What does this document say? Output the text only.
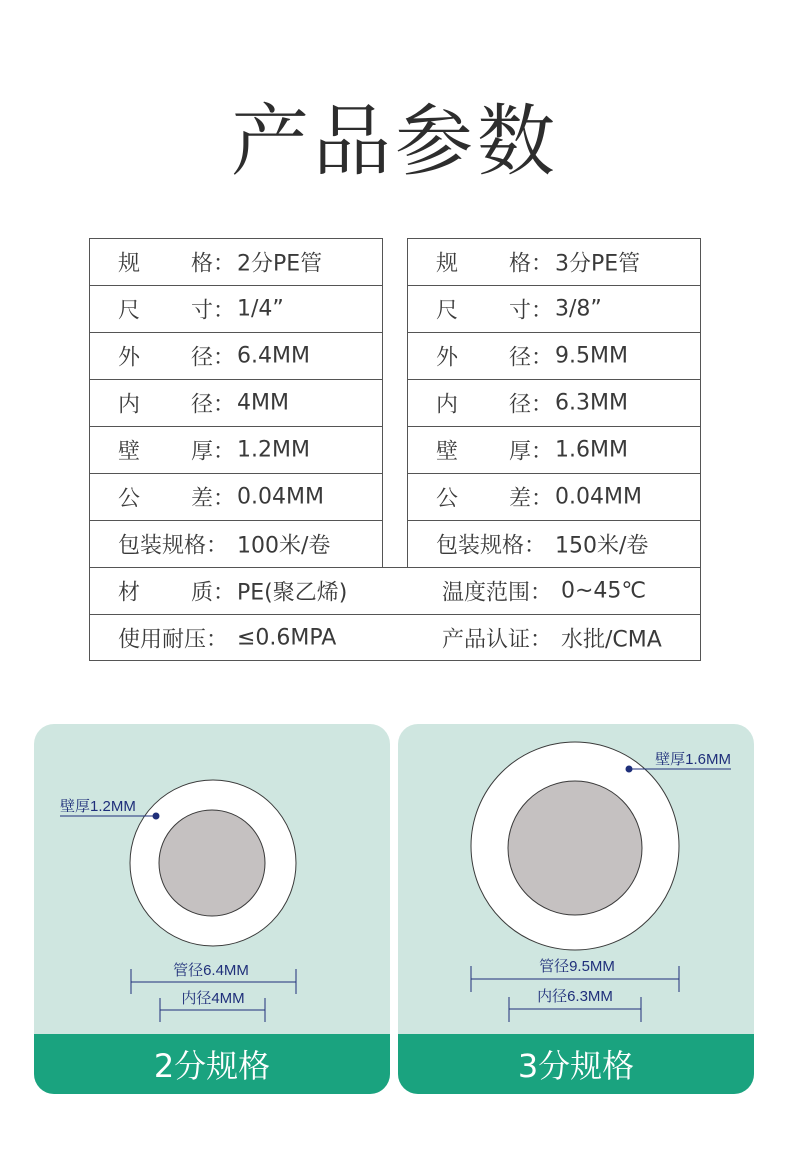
产品参数
规 格： 2分PE管
尺 寸： 1/4”
外 径： 6.4MM
内 径： 4MM
壁 厚： 1.2MM
公 差： 0.04MM
包装规格： 100米/卷
规 格： 3分PE管
尺 寸： 3/8”
外 径： 9.5MM
内 径： 6.3MM
壁 厚： 1.6MM
公 差： 0.04MM
包装规格： 150米/卷
材 质： PE(聚乙烯)	温度范围： 0~45℃
使用耐压： ≤0.6MPA	产品认证： 水批/CMA
壁厚1.2MM
管径6.4MM
内径4MM
2分规格
壁厚1.6MM
管径9.5MM
内径6.3MM
3分规格
